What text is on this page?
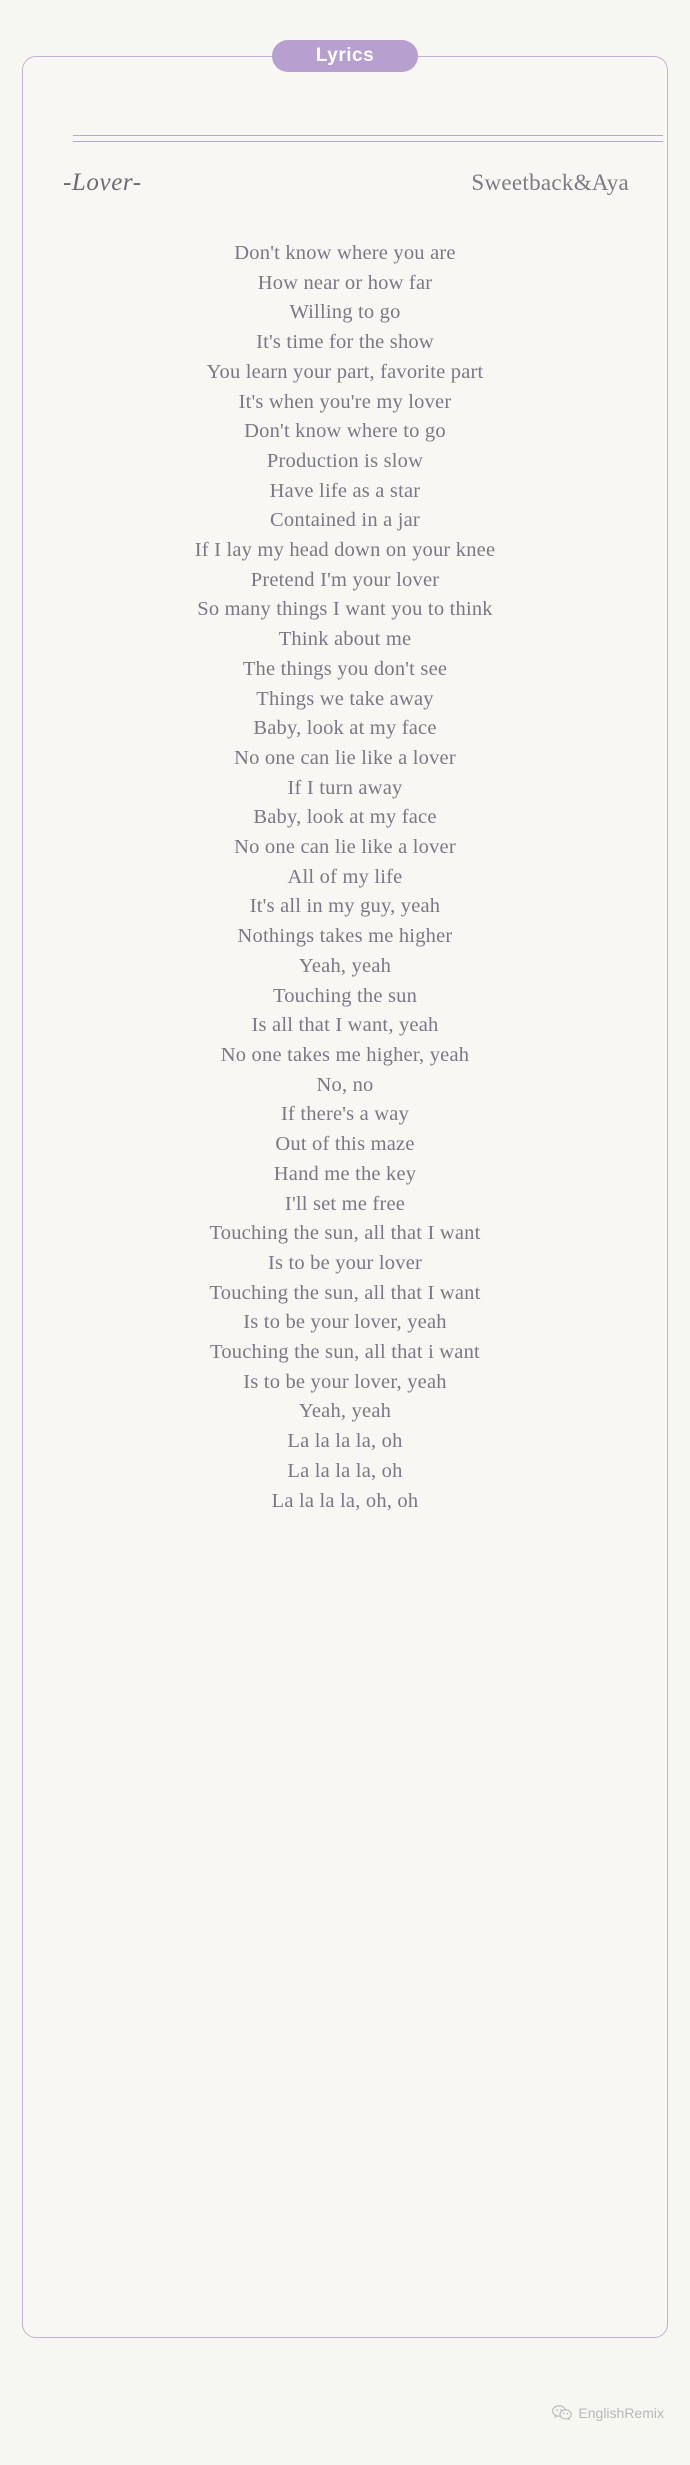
-Lover-	Sweetback&Aya
Don't know where you are
How near or how far
Willing to go
It's time for the show
You learn your part, favorite part
It's when you're my lover
Don't know where to go
Production is slow
Have life as a star
Contained in a jar
If I lay my head down on your knee
Pretend I'm your lover
So many things I want you to think
Think about me
The things you don't see
Things we take away
Baby, look at my face
No one can lie like a lover
If I turn away
Baby, look at my face
No one can lie like a lover
All of my life
It's all in my guy, yeah
Nothings takes me higher
Yeah, yeah
Touching the sun
Is all that I want, yeah
No one takes me higher, yeah
No, no
If there's a way
Out of this maze
Hand me the key
I'll set me free
Touching the sun, all that I want
Is to be your lover
Touching the sun, all that I want
Is to be your lover, yeah
Touching the sun, all that i want
Is to be your lover, yeah
Yeah, yeah
La la la la, oh
La la la la, oh
La la la la, oh, oh
Lyrics
EnglishRemix
